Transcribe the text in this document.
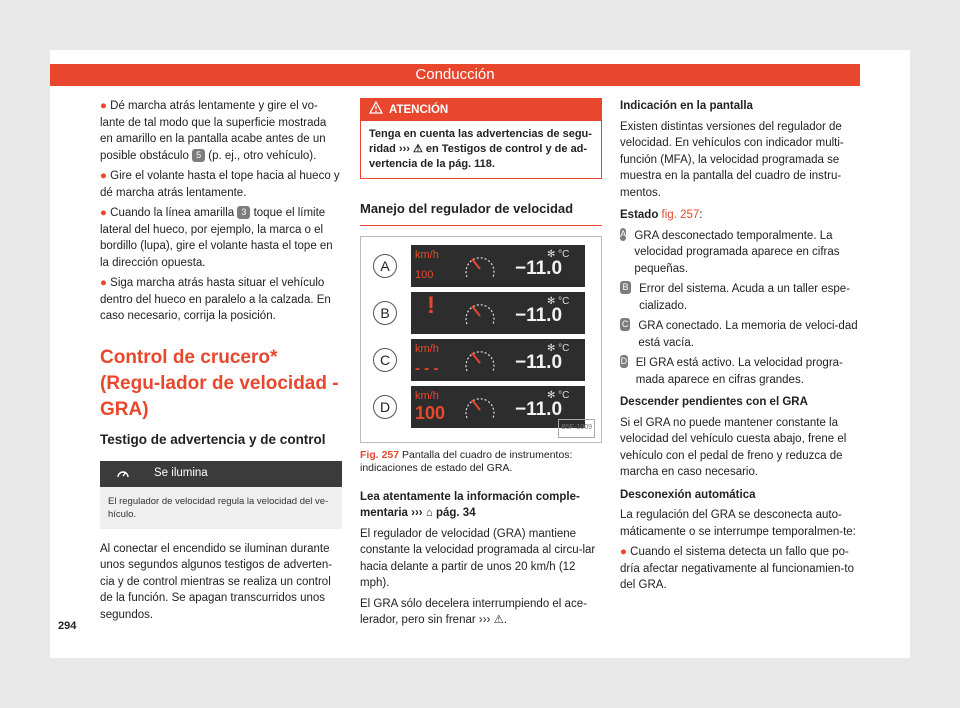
Conducción

● Dé marcha atrás lentamente y gire el vo-lante de tal modo que la superficie mostrada en amarillo en la pantalla acabe antes de un posible obstáculo 5 (p. ej., otro vehículo).

● Gire el volante hasta el tope hacia al hueco y dé marcha atrás lentamente.

● Cuando la línea amarilla 3 toque el límite lateral del hueco, por ejemplo, la marca o el bordillo (lupa), gire el volante hasta el tope en la dirección opuesta.

● Siga marcha atrás hasta situar el vehículo dentro del hueco en paralelo a la calzada. En caso necesario, corrija la posición.

Control de crucero* (Regu-lador de velocidad - GRA)
Testigo de advertencia y de control
Se ilumina
El regulador de velocidad regula la velocidad del ve-hículo.

Al conectar el encendido se iluminan durante unos segundos algunos testigos de adverten-cia y de control mientras se realiza un control de la función. Se apagan transcurridos unos segundos.

ATENCIÓN
Tenga en cuenta las advertencias de segu-ridad ››› ⚠ en Testigos de control y de ad-vertencia de la pág. 118.
Manejo del regulador de velocidad
A
km/h
100
✻ °C
−11.0
B	!	✻ °C
−11.0
C
km/h
- - -
✻ °C
−11.0
D
km/h
100
✻ °C
−11.0
B5F-1009
Fig. 257 Pantalla del cuadro de instrumentos: indicaciones de estado del GRA.

Lea atentamente la información comple-mentaria ››› ⌂ pág. 34

El regulador de velocidad (GRA) mantiene constante la velocidad programada al circu-lar hacia delante a partir de unos 20 km/h (12 mph).

El GRA sólo decelera interrumpiendo el ace-lerador, pero sin frenar ››› ⚠.

Indicación en la pantalla

Existen distintas versiones del regulador de velocidad. En vehículos con indicador multi-función (MFA), la velocidad programada se muestra en la pantalla del cuadro de instru-mentos.

Estado fig. 257:

A GRA desconectado temporalmente. La velocidad programada aparece en cifras pequeñas.
B Error del sistema. Acuda a un taller espe-cializado.
C GRA conectado. La memoria de veloci-dad está vacía.
D El GRA está activo. La velocidad progra-mada aparece en cifras grandes.

Descender pendientes con el GRA

Si el GRA no puede mantener constante la velocidad del vehículo cuesta abajo, frene el vehículo con el pedal de freno y reduzca de marcha en caso necesario.

Desconexión automática

La regulación del GRA se desconecta auto-máticamente o se interrumpe temporalmen-te:

● Cuando el sistema detecta un fallo que po-dría afectar negativamente al funcionamien-to del GRA.

294
